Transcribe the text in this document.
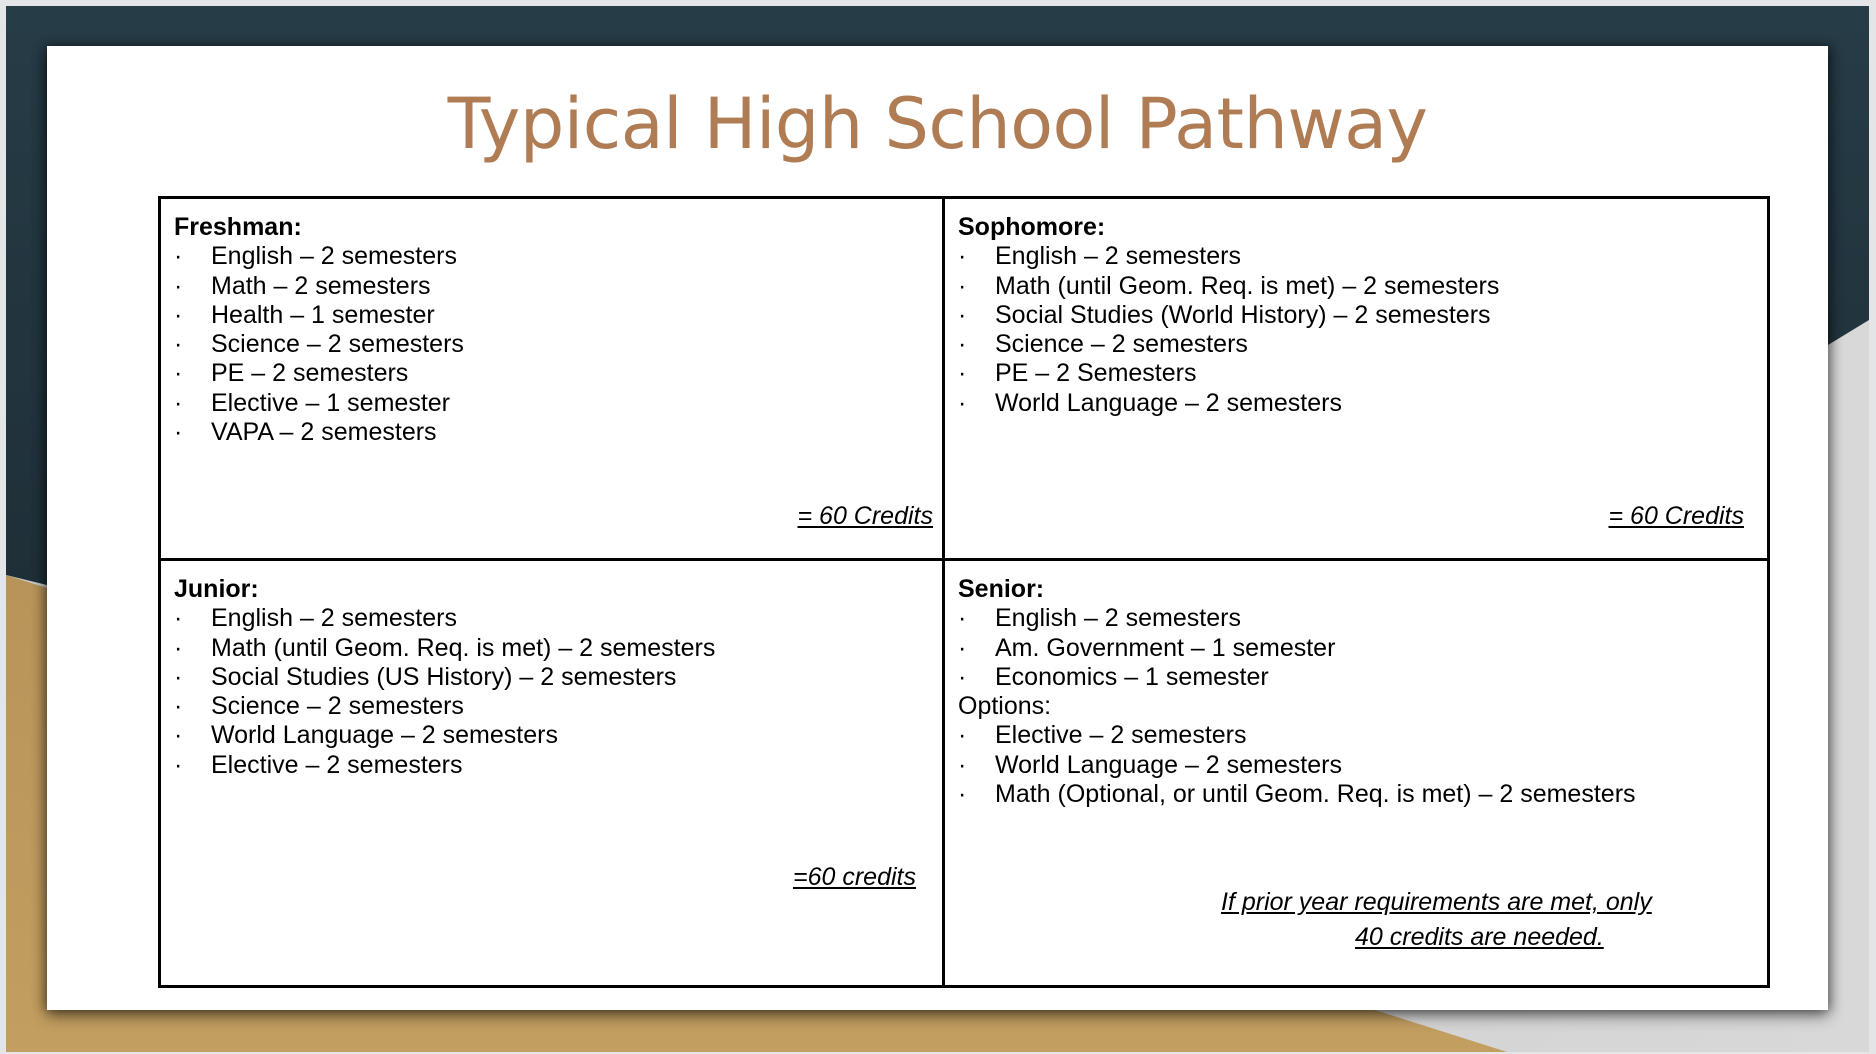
Typical High School Pathway
Freshman:
·	English – 2 semesters
·	Math – 2 semesters
·	Health – 1 semester
·	Science – 2 semesters
·	PE – 2 semesters
·	Elective – 1 semester
·	VAPA – 2 semesters
= 60 Credits
Sophomore:
·	English – 2 semesters
·	Math (until Geom. Req. is met) – 2 semesters
·	Social Studies (World History) – 2 semesters
·	Science – 2 semesters
·	PE – 2 Semesters
·	World Language – 2 semesters
= 60 Credits
Junior:
·	English – 2 semesters
·	Math (until Geom. Req. is met) – 2 semesters
·	Social Studies (US History) – 2 semesters
·	Science – 2 semesters
·	World Language – 2 semesters
·	Elective – 2 semesters
=60 credits
Senior:
·	English – 2 semesters
·	Am. Government – 1 semester
·	Economics – 1 semester
Options:
·	Elective – 2 semesters
·	World Language – 2 semesters
·	Math (Optional, or until Geom. Req. is met) – 2 semesters
If prior year requirements are met, only
40 credits are needed.
